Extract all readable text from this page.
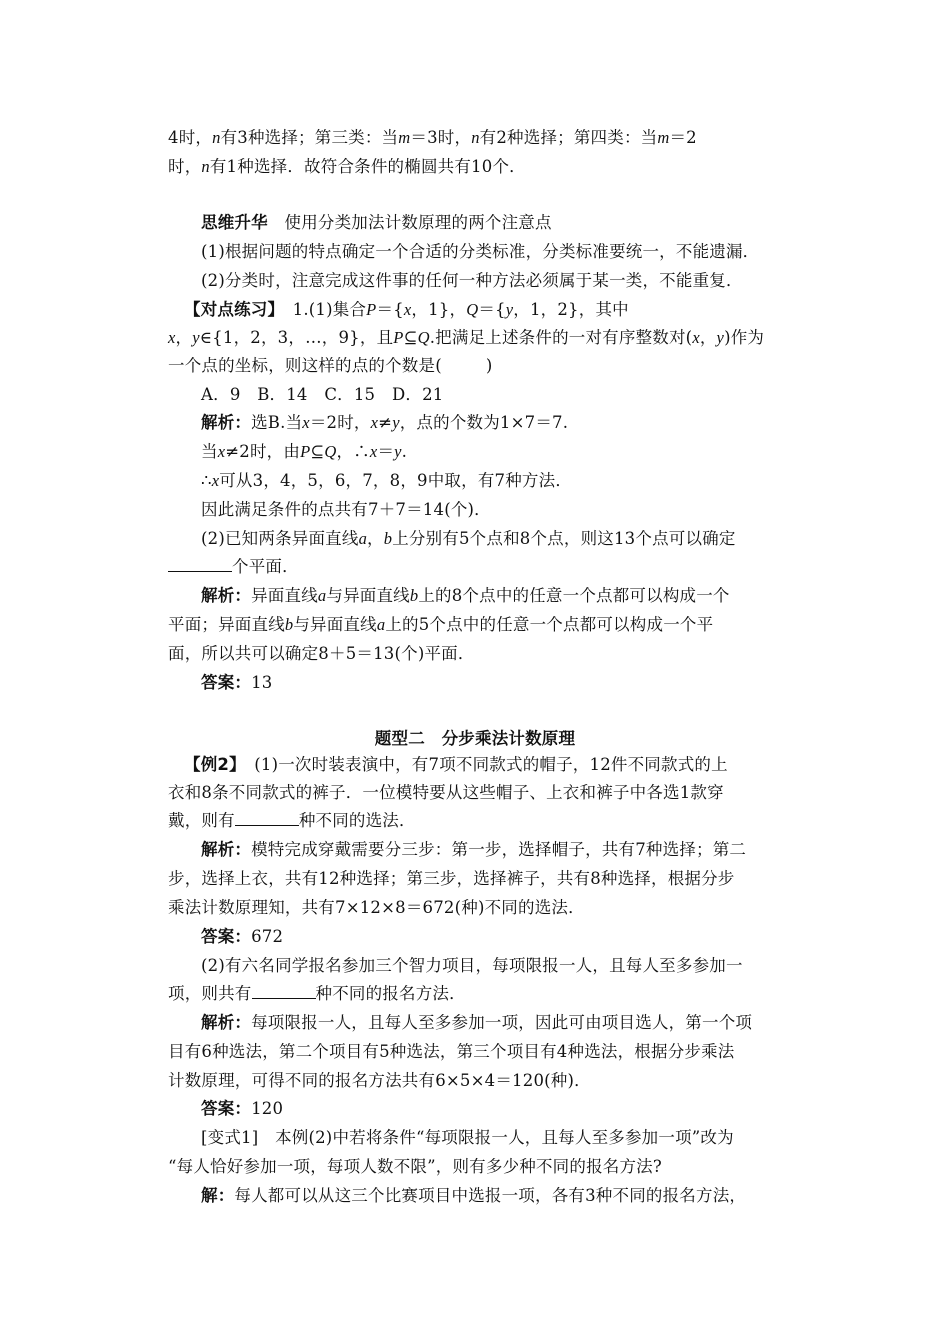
4时，n有3种选择；第三类：当m＝3时，n有2种选择；第四类：当m＝2
时，n有1种选择．故符合条件的椭圆共有10个．
思维升华　使用分类加法计数原理的两个注意点
(1)根据问题的特点确定一个合适的分类标准，分类标准要统一，不能遗漏．
(2)分类时，注意完成这件事的任何一种方法必须属于某一类，不能重复．
【对点练习】　1.(1)集合P＝{x，1}，Q＝{y，1，2}，其中
x，y∈{1，2，3，…，9}，且P⊆Q.把满足上述条件的一对有序整数对(x，y)作为
一个点的坐标，则这样的点的个数是(	)
A．9　B．14　C．15　D．21
解析：选B.当x＝2时，x≠y，点的个数为1×7＝7.
当x≠2时，由P⊆Q，∴x＝y.
∴x可从3，4，5，6，7，8，9中取，有7种方法．
因此满足条件的点共有7＋7＝14(个)．
(2)已知两条异面直线a，b上分别有5个点和8个点，则这13个点可以确定
个平面．
解析：异面直线a与异面直线b上的8个点中的任意一个点都可以构成一个
平面；异面直线b与异面直线a上的5个点中的任意一个点都可以构成一个平
面，所以共可以确定8＋5＝13(个)平面．
答案：13
题型二　分步乘法计数原理
【例2】　(1)一次时装表演中，有7项不同款式的帽子，12件不同款式的上
衣和8条不同款式的裤子．一位模特要从这些帽子、上衣和裤子中各选1款穿
戴，则有	种不同的选法．
解析：模特完成穿戴需要分三步：第一步，选择帽子，共有7种选择；第二
步，选择上衣，共有12种选择；第三步，选择裤子，共有8种选择，根据分步
乘法计数原理知，共有7×12×8＝672(种)不同的选法．
答案：672
(2)有六名同学报名参加三个智力项目，每项限报一人，且每人至多参加一
项，则共有	种不同的报名方法．
解析：每项限报一人，且每人至多参加一项，因此可由项目选人，第一个项
目有6种选法，第二个项目有5种选法，第三个项目有4种选法，根据分步乘法
计数原理，可得不同的报名方法共有6×5×4＝120(种)．
答案：120
[变式1]　本例(2)中若将条件“每项限报一人，且每人至多参加一项”改为
“每人恰好参加一项，每项人数不限”，则有多少种不同的报名方法?
解：每人都可以从这三个比赛项目中选报一项，各有3种不同的报名方法，
